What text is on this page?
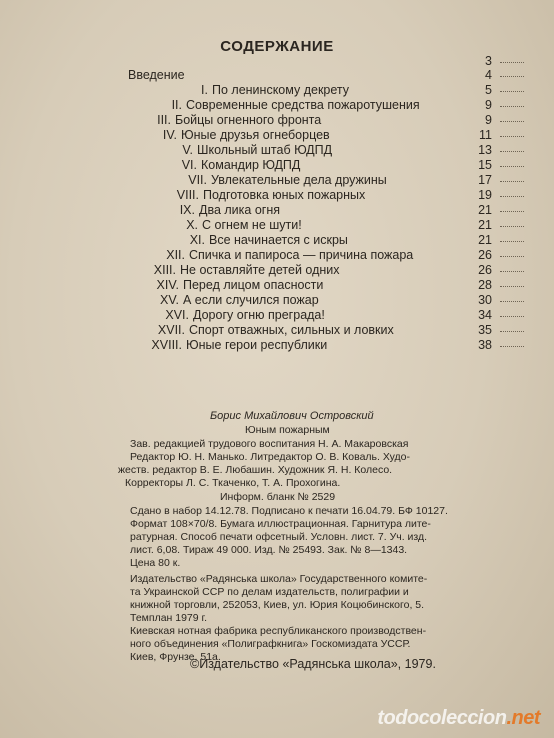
СОДЕРЖАНИЕ
3
Введение	4
I. По ленинскому декрету	5
II. Современные средства пожаротушения	9
III. Бойцы огненного фронта	9
IV. Юные друзья огнеборцев	11
V. Школьный штаб ЮДПД	13
VI. Командир ЮДПД	15
VII. Увлекательные дела дружины	17
VIII. Подготовка юных пожарных	19
IX. Два лика огня	21
X. С огнем не шути!	21
XI. Все начинается с искры	21
XII. Спичка и папироса — причина пожара	26
XIII. Не оставляйте детей одних	26
XIV. Перед лицом опасности	28
XV. А если случился пожар	30
XVI. Дорогу огню преграда!	34
XVII. Спорт отважных, сильных и ловких	35
XVIII. Юные герои республики	38
Борис Михайлович Островский
Юным пожарным
Зав. редакцией трудового воспитания Н. А. Макаровская
Редактор Ю. Н. Манько. Литредактор О. В. Коваль. Худо-
жеств. редактор В. Е. Любашин. Художник Я. Н. Колесо.
Корректоры Л. С. Ткаченко, Т. А. Прохогина.
Информ. бланк № 2529
Сдано в набор 14.12.78. Подписано к печати 16.04.79. БФ 10127.
Формат 108×70/8. Бумага иллюстрационная. Гарнитура лите-
ратурная. Способ печати офсетный. Условн. лист. 7. Уч. изд.
лист. 6,08. Тираж 49 000. Изд. № 25493. Зак. № 8—1343.
Цена 80 к.
Издательство «Радянська школа» Государственного комите-
та Украинской ССР по делам издательств, полиграфии и
книжной торговли, 252053, Киев, ул. Юрия Коцюбинского, 5.
Темплан 1979 г.
Киевская нотная фабрика республиканского производствен-
ного объединения «Полиграфкнига» Госкомиздата УССР.
Киев, Фрунзе, 51а.
©Издательство «Радянська школа», 1979.
todocoleccion.net
